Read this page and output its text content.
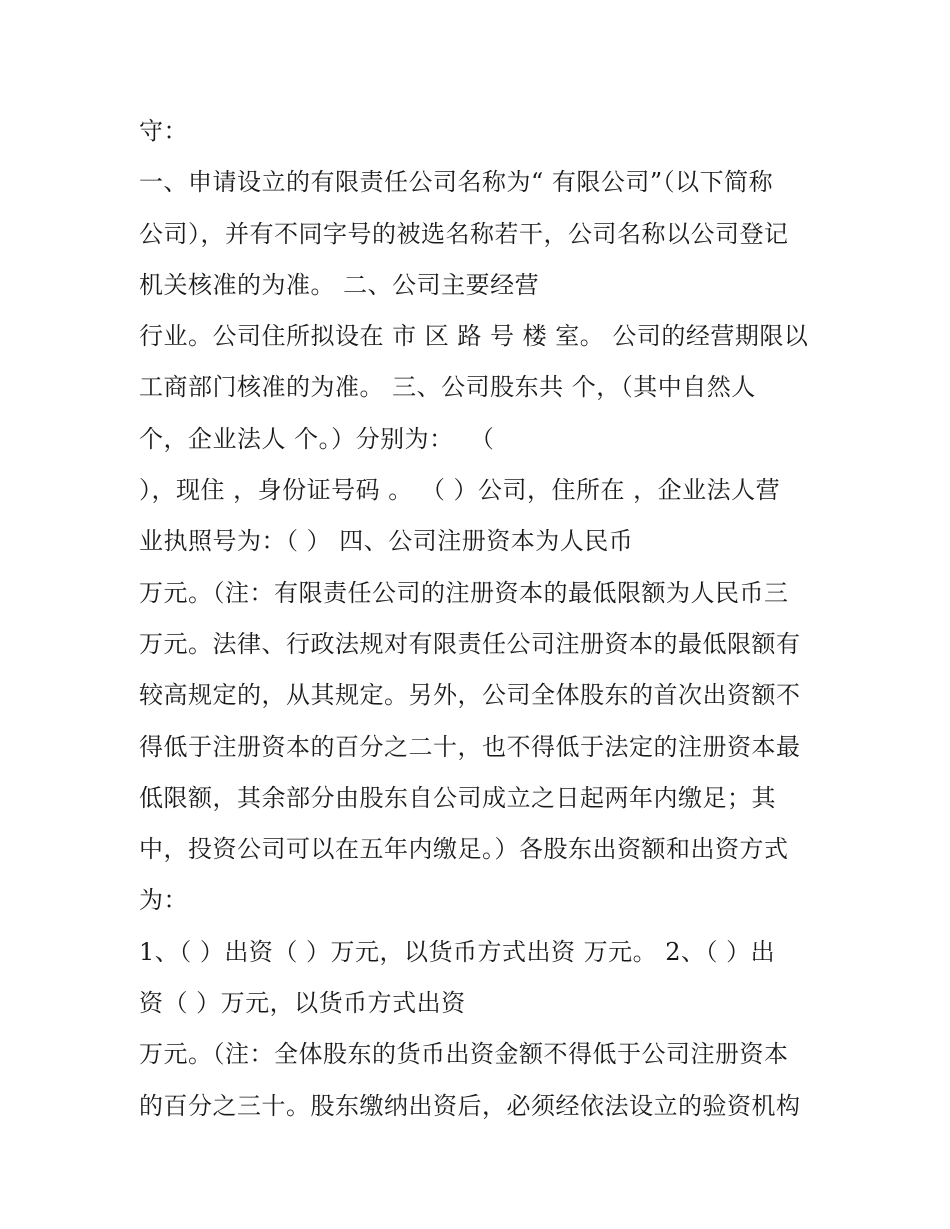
守：
一、申请设立的有限责任公司名称为“ 有限公司”（以下简称
公司），并有不同字号的被选名称若干，公司名称以公司登记
机关核准的为准。 二、公司主要经营
行业。公司住所拟设在 市 区 路 号 楼 室。 公司的经营期限以
工商部门核准的为准。 三、公司股东共 个，（其中自然人
个，企业法人 个。）分别为：  （
），现住 ，身份证号码 。 （ ）公司，住所在 ，企业法人营
业执照号为：（ ） 四、公司注册资本为人民币
万元。（注：有限责任公司的注册资本的最低限额为人民币三
万元。法律、行政法规对有限责任公司注册资本的最低限额有
较高规定的，从其规定。另外，公司全体股东的首次出资额不
得低于注册资本的百分之二十，也不得低于法定的注册资本最
低限额，其余部分由股东自公司成立之日起两年内缴足；其
中，投资公司可以在五年内缴足。）各股东出资额和出资方式
为：
1、（ ）出资（ ）万元，以货币方式出资 万元。 2、（ ）出
资（ ）万元，以货币方式出资
万元。（注：全体股东的货币出资金额不得低于公司注册资本
的百分之三十。股东缴纳出资后，必须经依法设立的验资机构
